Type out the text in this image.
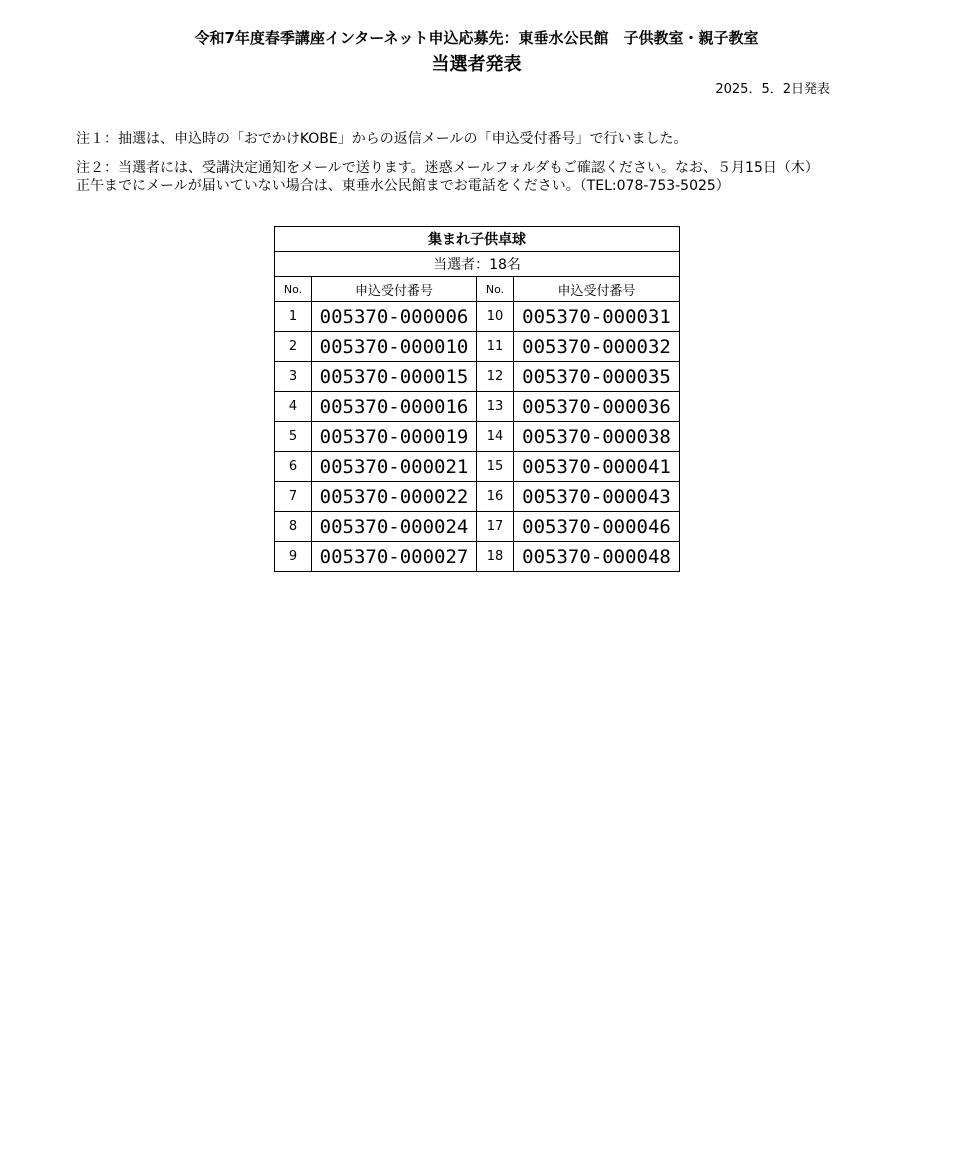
令和7年度春季講座インターネット申込応募先：東垂水公民館　子供教室・親子教室
当選者発表
2025．5．2日発表
注１：抽選は、申込時の「おでかけKOBE」からの返信メールの「申込受付番号」で行いました。
注２：当選者には、受講決定通知をメールで送ります。迷惑メールフォルダもご確認ください。なお、５月15日（木）
正午までにメールが届いていない場合は、東垂水公民館までお電話をください。（TEL:078-753-5025）
集まれ子供卓球			
当選者：18名			
No.	申込受付番号	No.	申込受付番号
1	005370-000006	10	005370-000031
2	005370-000010	11	005370-000032
3	005370-000015	12	005370-000035
4	005370-000016	13	005370-000036
5	005370-000019	14	005370-000038
6	005370-000021	15	005370-000041
7	005370-000022	16	005370-000043
8	005370-000024	17	005370-000046
9	005370-000027	18	005370-000048
